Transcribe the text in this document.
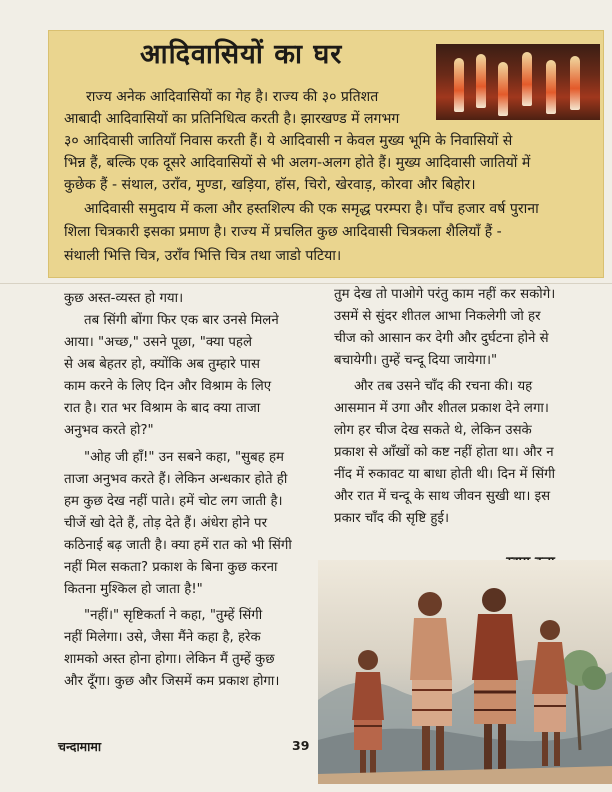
आदिवासियों का घर
राज्य अनेक आदिवासियों का गेह है। राज्य की ३० प्रतिशत
आबादी आदिवासियों का प्रतिनिधित्व करती है। झारखण्ड में लगभग
३० आदिवासी जातियाँ निवास करती हैं। ये आदिवासी न केवल मुख्य भूमि के निवासियों से
भिन्न हैं, बल्कि एक दूसरे आदिवासियों से भी अलग-अलग होते हैं। मुख्य आदिवासी जातियों में
कुछेक हैं - संथाल, उराँव, मुण्डा, खड़िया, हॉस, चिरो, खेरवाड़, कोरवा और बिहोर।
आदिवासी समुदाय में कला और हस्तशिल्प की एक समृद्ध परम्परा है। पाँच हजार वर्ष पुराना
शिला चित्रकारी इसका प्रमाण है। राज्य में प्रचलित कुछ आदिवासी चित्रकला शैलियाँ हैं -
संथाली भित्ति चित्र, उराँव भित्ति चित्र तथा जाडो पटिया।
कुछ अस्त-व्यस्त हो गया।
तब सिंगी बोंगा फिर एक बार उनसे मिलने
आया। "अच्छ," उसने पूछा, "क्या पहले
से अब बेहतर हो, क्योंकि अब तुम्हारे पास
काम करने के लिए दिन और विश्राम के लिए
रात है। रात भर विश्राम के बाद क्या ताजा
अनुभव करते हो?"
"ओह जी हाँ!" उन सबने कहा, "सुबह हम
ताजा अनुभव करते हैं। लेकिन अन्धकार होते ही
हम कुछ देख नहीं पाते। हमें चोट लग जाती है।
चीजें खो देते हैं, तोड़ देते हैं। अंधेरा होने पर
कठिनाई बढ़ जाती है। क्या हमें रात को भी सिंगी
नहीं मिल सकता? प्रकाश के बिना कुछ करना
कितना मुश्किल हो जाता है!"
"नहीं।" सृष्टिकर्ता ने कहा, "तुम्हें सिंगी
नहीं मिलेगा। उसे, जैसा मैंने कहा है, हरेक
शामको अस्त होना होगा। लेकिन मैं तुम्हें कुछ
और दूँगा। कुछ और जिसमें कम प्रकाश होगा।
तुम देख तो पाओगे परंतु काम नहीं कर सकोगे।
उसमें से सुंदर शीतल आभा निकलेगी जो हर
चीज को आसान कर देगी और दुर्घटना होने से
बचायेगी। तुम्हें चन्दू दिया जायेगा।"
और तब उसने चाँद की रचना की। यह
आसमान में उगा और शीतल प्रकाश देने लगा।
लोग हर चीज देख सकते थे, लेकिन उसके
प्रकाश से आँखों को कष्ट नहीं होता था। और न
नींद में रुकावट या बाधा होती थी। दिन में सिंगी
और रात में चन्दू के साथ जीवन सुखी था। इस
प्रकार चाँद की सृष्टि हुई।
चन्दामामा	39
